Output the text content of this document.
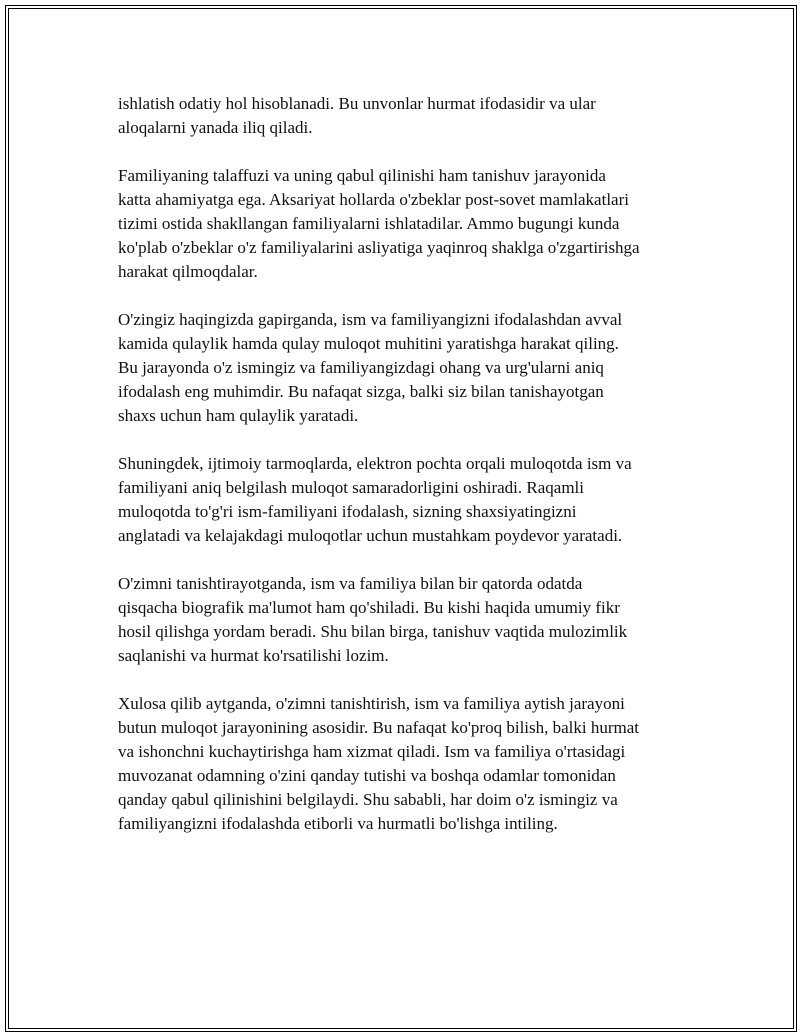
ishlatish odatiy hol hisoblanadi. Bu unvonlar hurmat ifodasidir va ular
aloqalarni yanada iliq qiladi.

Familiyaning talaffuzi va uning qabul qilinishi ham tanishuv jarayonida
katta ahamiyatga ega. Aksariyat hollarda o'zbeklar post-sovet mamlakatlari
tizimi ostida shakllangan familiyalarni ishlatadilar. Ammo bugungi kunda
ko'plab o'zbeklar o'z familiyalarini asliyatiga yaqinroq shaklga o'zgartirishga
harakat qilmoqdalar.

O'zingiz haqingizda gapirganda, ism va familiyangizni ifodalashdan avval
kamida qulaylik hamda qulay muloqot muhitini yaratishga harakat qiling.
Bu jarayonda o'z ismingiz va familiyangizdagi ohang va urg'ularni aniq
ifodalash eng muhimdir. Bu nafaqat sizga, balki siz bilan tanishayotgan
shaxs uchun ham qulaylik yaratadi.

Shuningdek, ijtimoiy tarmoqlarda, elektron pochta orqali muloqotda ism va
familiyani aniq belgilash muloqot samaradorligini oshiradi. Raqamli
muloqotda to'g'ri ism-familiyani ifodalash, sizning shaxsiyatingizni
anglatadi va kelajakdagi muloqotlar uchun mustahkam poydevor yaratadi.

O'zimni tanishtirayotganda, ism va familiya bilan bir qatorda odatda
qisqacha biografik ma'lumot ham qo'shiladi. Bu kishi haqida umumiy fikr
hosil qilishga yordam beradi. Shu bilan birga, tanishuv vaqtida mulozimlik
saqlanishi va hurmat ko'rsatilishi lozim.

Xulosa qilib aytganda, o'zimni tanishtirish, ism va familiya aytish jarayoni
butun muloqot jarayonining asosidir. Bu nafaqat ko'proq bilish, balki hurmat
va ishonchni kuchaytirishga ham xizmat qiladi. Ism va familiya o'rtasidagi
muvozanat odamning o'zini qanday tutishi va boshqa odamlar tomonidan
qanday qabul qilinishini belgilaydi. Shu sababli, har doim o'z ismingiz va
familiyangizni ifodalashda etiborli va hurmatli bo'lishga intiling.
